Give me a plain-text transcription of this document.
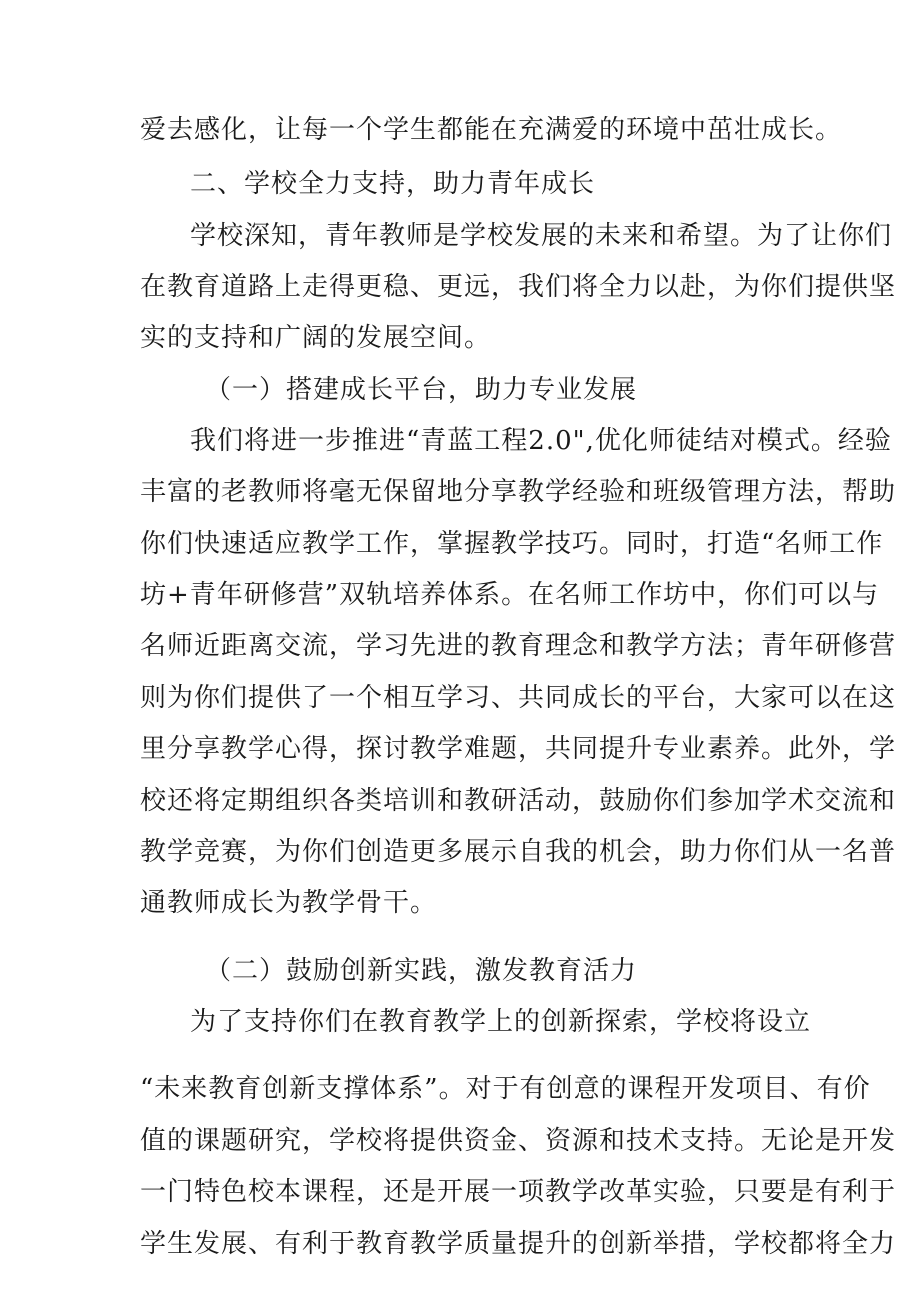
爱去感化，让每一个学生都能在充满爱的环境中茁壮成长。
二、学校全力支持，助力青年成长
学校深知，青年教师是学校发展的未来和希望。为了让你们
在教育道路上走得更稳、更远，我们将全力以赴，为你们提供坚
实的支持和广阔的发展空间。
（一）搭建成长平台，助力专业发展
我们将进一步推进“青蓝工程2.0",优化师徒结对模式。经验
丰富的老教师将毫无保留地分享教学经验和班级管理方法，帮助
你们快速适应教学工作，掌握教学技巧。同时，打造“名师工作
坊+青年研修营”双轨培养体系。在名师工作坊中，你们可以与
名师近距离交流，学习先进的教育理念和教学方法；青年研修营
则为你们提供了一个相互学习、共同成长的平台，大家可以在这
里分享教学心得，探讨教学难题，共同提升专业素养。此外，学
校还将定期组织各类培训和教研活动，鼓励你们参加学术交流和
教学竞赛，为你们创造更多展示自我的机会，助力你们从一名普
通教师成长为教学骨干。
（二）鼓励创新实践，激发教育活力
为了支持你们在教育教学上的创新探索，学校将设立
“未来教育创新支撑体系”。对于有创意的课程开发项目、有价
值的课题研究，学校将提供资金、资源和技术支持。无论是开发
一门特色校本课程，还是开展一项教学改革实验，只要是有利于
学生发展、有利于教育教学质量提升的创新举措，学校都将全力
